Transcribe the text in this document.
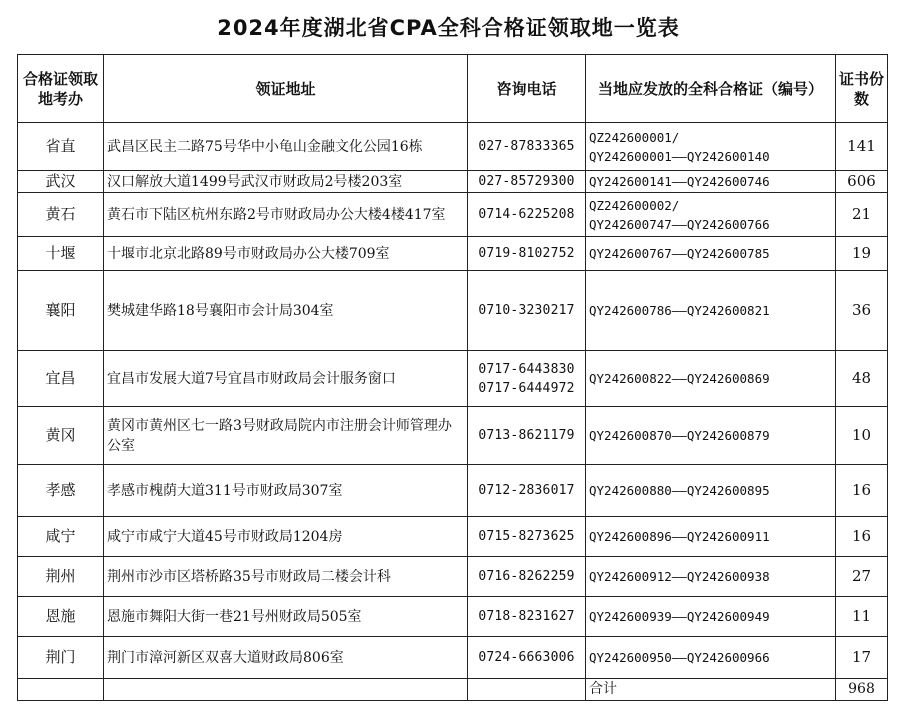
2024年度湖北省CPA全科合格证领取地一览表
合格证领取地考办	领证地址	咨询电话	当地应发放的全科合格证（编号）	证书份数
省直	武昌区民主二路75号华中小龟山金融文化公园16栋	027-87833365	QZ242600001/
QY242600001——QY242600140	141
武汉	汉口解放大道1499号武汉市财政局2号楼203室	027-85729300	QY242600141——QY242600746	606
黄石	黄石市下陆区杭州东路2号市财政局办公大楼4楼417室	0714-6225208	QZ242600002/
QY242600747——QY242600766	21
十堰	十堰市北京北路89号市财政局办公大楼709室	0719-8102752	QY242600767——QY242600785	19
襄阳	樊城建华路18号襄阳市会计局304室	0710-3230217	QY242600786——QY242600821	36
宜昌	宜昌市发展大道7号宜昌市财政局会计服务窗口	0717-6443830
0717-6444972	QY242600822——QY242600869	48
黄冈	黄冈市黄州区七一路3号财政局院内市注册会计师管理办公室	0713-8621179	QY242600870——QY242600879	10
孝感	孝感市槐荫大道311号市财政局307室	0712-2836017	QY242600880——QY242600895	16
咸宁	咸宁市咸宁大道45号市财政局1204房	0715-8273625	QY242600896——QY242600911	16
荆州	荆州市沙市区塔桥路35号市财政局二楼会计科	0716-8262259	QY242600912——QY242600938	27
恩施	恩施市舞阳大街一巷21号州财政局505室	0718-8231627	QY242600939——QY242600949	11
荆门	荆门市漳河新区双喜大道财政局806室	0724-6663006	QY242600950——QY242600966	17
			合计	968
